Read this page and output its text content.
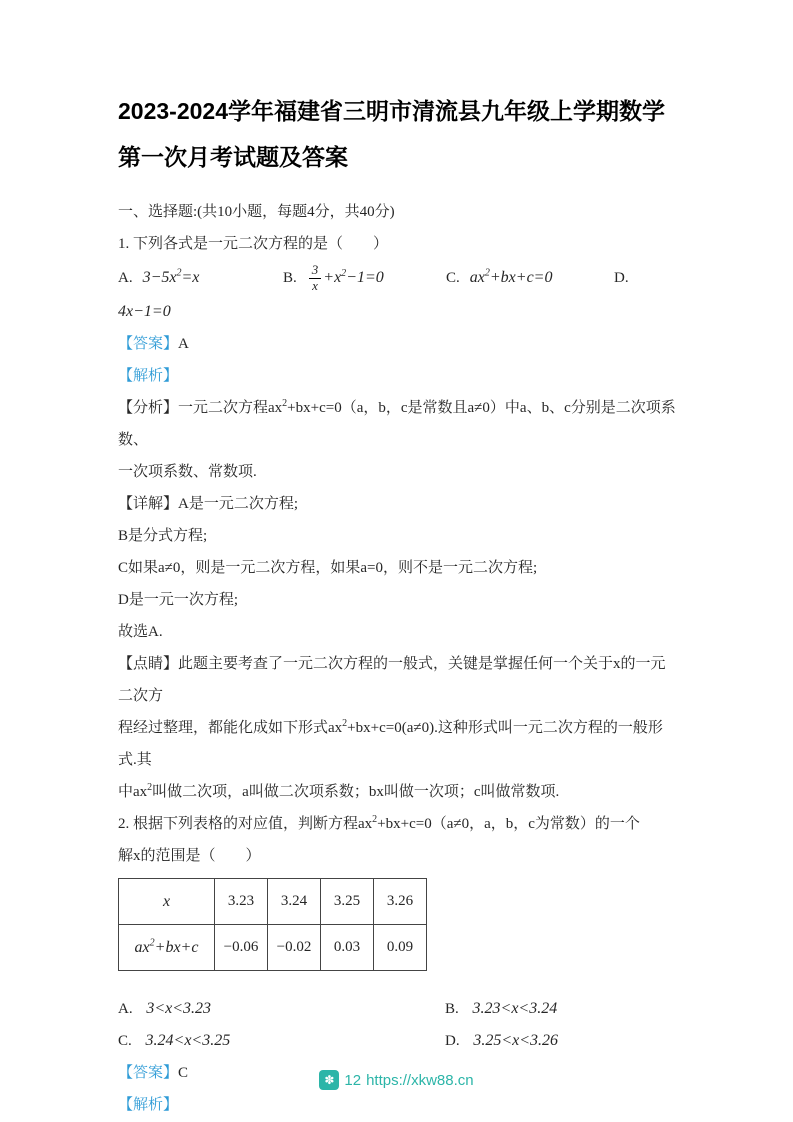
2023-2024学年福建省三明市清流县九年级上学期数学第一次月考试题及答案
一、选择题:(共10小题，每题4分，共40分)
1. 下列各式是一元二次方程的是（　　）
A. $3-5x^2=x$	B. $\frac{3}{x} +x^2-1=0$	C. $ax^2+bx+c=0$	D.
4x−1=0
【答案】A
【解析】
【分析】一元二次方程$ax^2+bx+c=0(a$，b，c是常数且a≠0）中a、b、c分别是二次项系数、
一次项系数、常数项.
【详解】A是一元二次方程;
B是分式方程;
C如果a≠0，则是一元二次方程，如果a=0，则不是一元二次方程;
D是一元一次方程;
故选A.
【点睛】此题主要考查了一元二次方程的一般式，关键是掌握任何一个关于x的一元二次方
程经过整理，都能化成如下形式$ax^2+bx+c=0(a\ne 0)$.这种形式叫一元二次方程的一般形式.其
中$ax^2$叫做二次项，a叫做二次项系数；bx叫做一次项；c叫做常数项.
2. 根据下列表格的对应值，判断方程$ax^2+bx+c=0(a\ne 0$，a，b，c为常数）的一个
解x的范围是（　　）
x	3.23	3.24	3.25	3.26
$ax^2+bx+c$	−0.06	−0.02	0.03	0.09
A. 3<x<3.23	B. 3.23<x<3.24
C. 3.24<x<3.25	D. 3.25<x<3.26
【答案】C
【解析】
✽ 12 https://xkw88.cn
